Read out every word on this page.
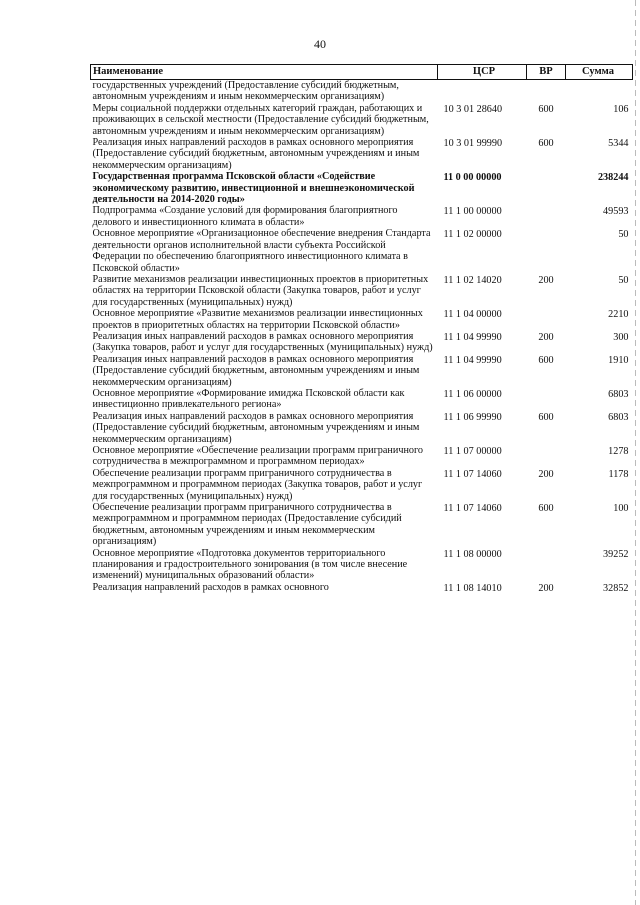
40
Наименование	ЦСР	ВР	Сумма
государственных учреждений (Предоставление субсидий бюджетным, автономным учреждениям и иным некоммерческим организациям)			
Меры социальной поддержки отдельных категорий граждан, работающих и проживающих в сельской местности (Предоставление субсидий бюджетным, автономным учреждениям и иным некоммерческим организациям)	10 3 01 28640	600	106
Реализация иных направлений расходов в рамках основного мероприятия (Предоставление субсидий бюджетным, автономным учреждениям и иным некоммерческим организациям)	10 3 01 99990	600	5344
Государственная программа Псковской области «Содействие экономическому развитию, инвестиционной и внешнеэкономической деятельности на 2014-2020 годы»	11 0 00 00000		238244
Подпрограмма «Создание условий для формирования благоприятного делового и инвестиционного климата в области»	11 1 00 00000		49593
Основное мероприятие «Организационное обеспечение внедрения Стандарта деятельности органов исполнительной власти субъекта Российской Федерации по обеспечению благоприятного инвестиционного климата в Псковской области»	11 1 02 00000		50
Развитие механизмов реализации инвестиционных проектов в приоритетных областях на территории Псковской области (Закупка товаров, работ и услуг для государственных (муниципальных) нужд)	11 1 02 14020	200	50
Основное мероприятие «Развитие механизмов реализации инвестиционных проектов в приоритетных областях на территории Псковской области»	11 1 04 00000		2210
Реализация иных направлений расходов в рамках основного мероприятия (Закупка товаров, работ и услуг для государственных (муниципальных) нужд)	11 1 04 99990	200	300
Реализация иных направлений расходов в рамках основного мероприятия (Предоставление субсидий бюджетным, автономным учреждениям и иным некоммерческим организациям)	11 1 04 99990	600	1910
Основное мероприятие «Формирование имиджа Псковской области как инвестиционно привлекательного региона»	11 1 06 00000		6803
Реализация иных направлений расходов в рамках основного мероприятия (Предоставление субсидий бюджетным, автономным учреждениям и иным некоммерческим организациям)	11 1 06 99990	600	6803
Основное мероприятие «Обеспечение реализации программ приграничного сотрудничества в межпрограммном и программном периодах»	11 1 07 00000		1278
Обеспечение реализации программ приграничного сотрудничества в межпрограммном и программном периодах (Закупка товаров, работ и услуг для государственных (муниципальных) нужд)	11 1 07 14060	200	1178
Обеспечение реализации программ приграничного сотрудничества в межпрограммном и программном периодах (Предоставление субсидий бюджетным, автономным учреждениям и иным некоммерческим организациям)	11 1 07 14060	600	100
Основное мероприятие «Подготовка документов территориального планирования и градостроительного зонирования (в том числе внесение изменений) муниципальных образований области»	11 1 08 00000		39252
Реализация направлений расходов в рамках основного	11 1 08 14010	200	32852
